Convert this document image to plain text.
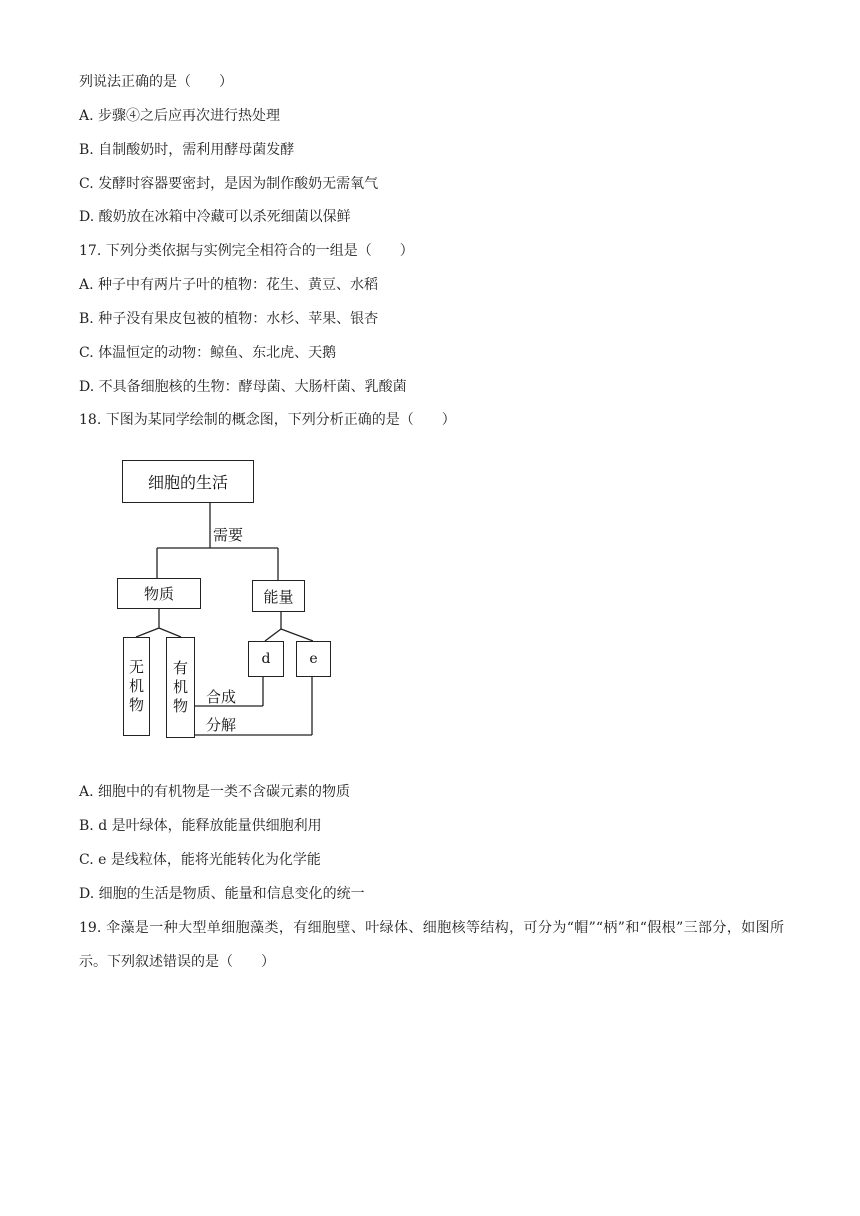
列说法正确的是（　　）
A. 步骤④之后应再次进行热处理
B. 自制酸奶时，需利用酵母菌发酵
C. 发酵时容器要密封，是因为制作酸奶无需氧气
D. 酸奶放在冰箱中冷藏可以杀死细菌以保鲜
17. 下列分类依据与实例完全相符合的一组是（　　）
A. 种子中有两片子叶的植物：花生、黄豆、水稻
B. 种子没有果皮包被的植物：水杉、苹果、银杏
C. 体温恒定的动物：鲸鱼、东北虎、天鹅
D. 不具备细胞核的生物：酵母菌、大肠杆菌、乳酸菌
18. 下图为某同学绘制的概念图，下列分析正确的是（　　）
细胞的生活
需要
物质	能量
无
机
物
有
机
物
d	e
合成
分解
A. 细胞中的有机物是一类不含碳元素的物质
B. d 是叶绿体，能释放能量供细胞利用
C. e 是线粒体，能将光能转化为化学能
D. 细胞的生活是物质、能量和信息变化的统一
19. 伞藻是一种大型单细胞藻类，有细胞壁、叶绿体、细胞核等结构，可分为“帽”“柄”和“假根”三部分，如图所示。下列叙述错误的是（　　）
